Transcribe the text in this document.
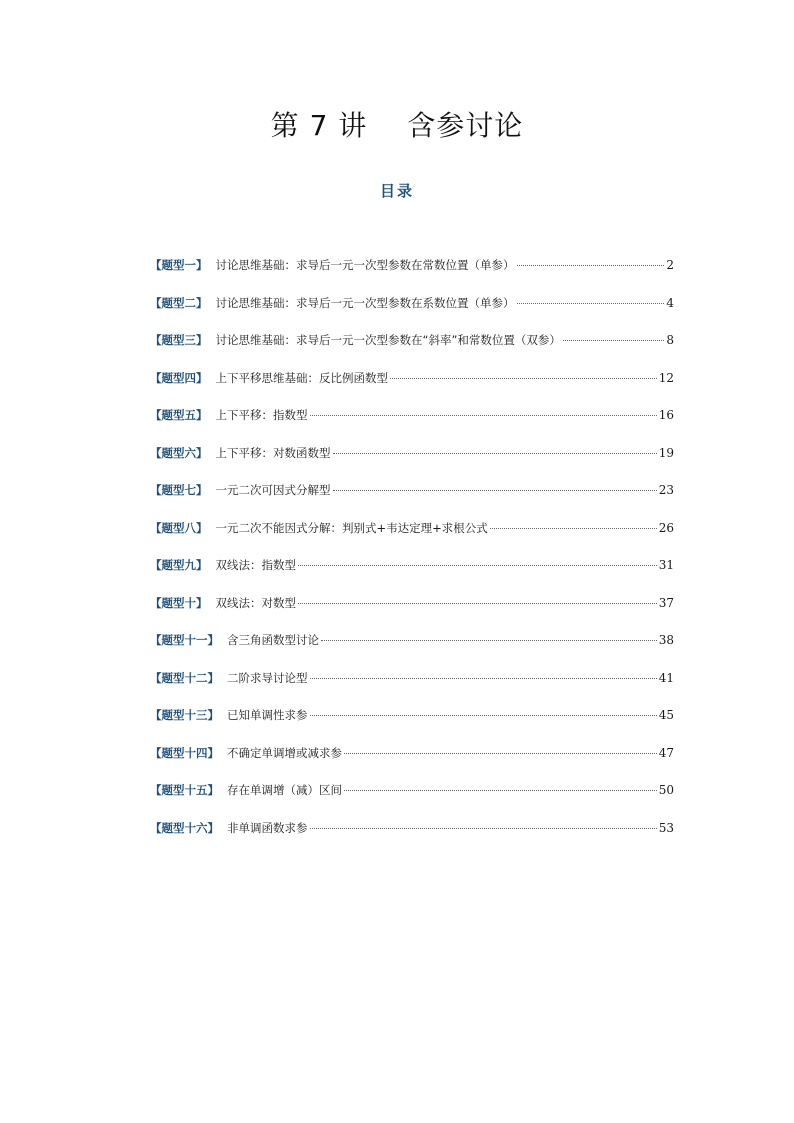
第 7 讲 含参讨论
目录
【题型一】 讨论思维基础：求导后一元一次型参数在常数位置（单参）	2
【题型二】 讨论思维基础：求导后一元一次型参数在系数位置（单参）	4
【题型三】 讨论思维基础：求导后一元一次型参数在“斜率”和常数位置（双参）	8
【题型四】 上下平移思维基础：反比例函数型	12
【题型五】 上下平移：指数型	16
【题型六】 上下平移：对数函数型	19
【题型七】 一元二次可因式分解型	23
【题型八】 一元二次不能因式分解：判别式+韦达定理+求根公式	26
【题型九】 双线法：指数型	31
【题型十】 双线法：对数型	37
【题型十一】 含三角函数型讨论	38
【题型十二】 二阶求导讨论型	41
【题型十三】 已知单调性求参	45
【题型十四】 不确定单调增或减求参	47
【题型十五】 存在单调增（减）区间	50
【题型十六】 非单调函数求参	53
